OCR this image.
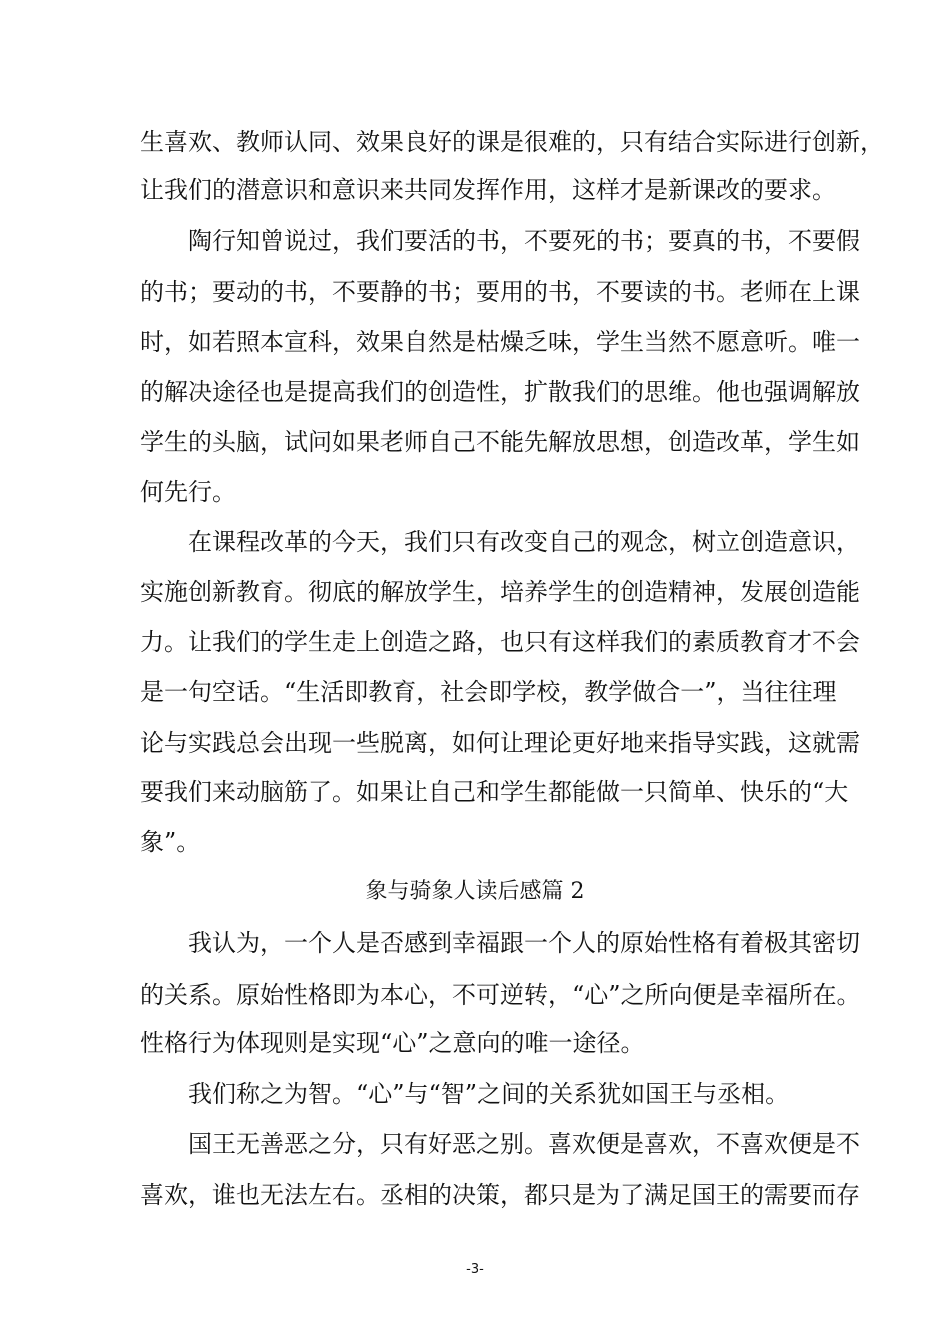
生喜欢、教师认同、效果良好的课是很难的，只有结合实际进行创新，
让我们的潜意识和意识来共同发挥作用，这样才是新课改的要求。
陶行知曾说过，我们要活的书，不要死的书；要真的书，不要假
的书；要动的书，不要静的书；要用的书，不要读的书。老师在上课
时，如若照本宣科，效果自然是枯燥乏味，学生当然不愿意听。唯一
的解决途径也是提高我们的创造性，扩散我们的思维。他也强调解放
学生的头脑，试问如果老师自己不能先解放思想，创造改革，学生如
何先行。
在课程改革的今天，我们只有改变自己的观念，树立创造意识，
实施创新教育。彻底的解放学生，培养学生的创造精神，发展创造能
力。让我们的学生走上创造之路，也只有这样我们的素质教育才不会
是一句空话。“生活即教育，社会即学校，教学做合一”，当往往理
论与实践总会出现一些脱离，如何让理论更好地来指导实践，这就需
要我们来动脑筋了。如果让自己和学生都能做一只简单、快乐的“大
象”。
象与骑象人读后感篇 2
我认为，一个人是否感到幸福跟一个人的原始性格有着极其密切
的关系。原始性格即为本心，不可逆转，“心”之所向便是幸福所在。
性格行为体现则是实现“心”之意向的唯一途径。
我们称之为智。“心”与“智”之间的关系犹如国王与丞相。
国王无善恶之分，只有好恶之别。喜欢便是喜欢，不喜欢便是不
喜欢，谁也无法左右。丞相的决策，都只是为了满足国王的需要而存
-3-
